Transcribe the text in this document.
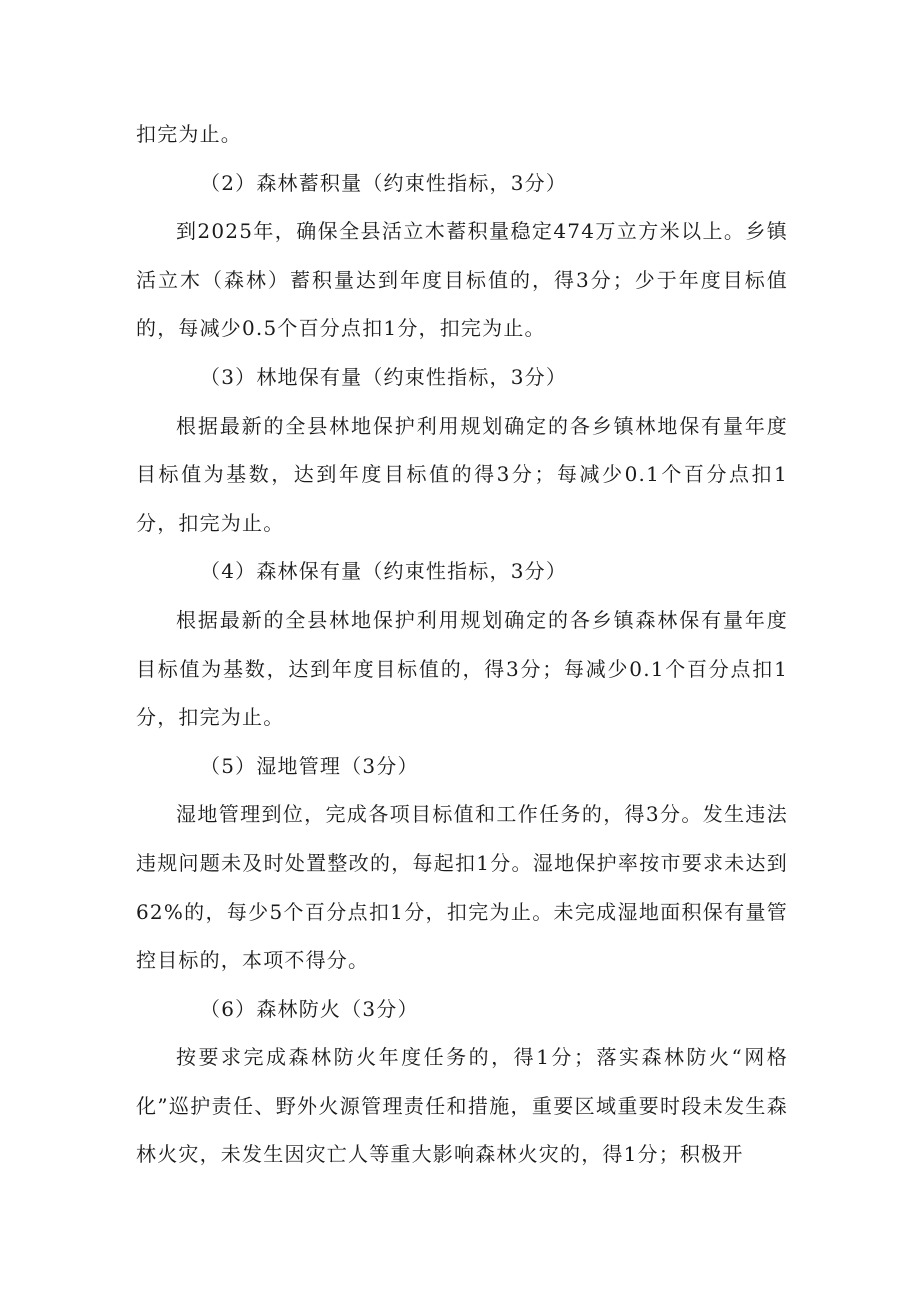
扣完为止。

（2）森林蓄积量（约束性指标，3分）

到2025年，确保全县活立木蓄积量稳定474万立方米以上。乡镇活立木（森林）蓄积量达到年度目标值的，得3分；少于年度目标值的，每减少0.5个百分点扣1分，扣完为止。

（3）林地保有量（约束性指标，3分）

根据最新的全县林地保护利用规划确定的各乡镇林地保有量年度目标值为基数，达到年度目标值的得3分；每减少0.1个百分点扣1分，扣完为止。

（4）森林保有量（约束性指标，3分）

根据最新的全县林地保护利用规划确定的各乡镇森林保有量年度目标值为基数，达到年度目标值的，得3分；每减少0.1个百分点扣1分，扣完为止。

（5）湿地管理（3分）

湿地管理到位，完成各项目标值和工作任务的，得3分。发生违法违规问题未及时处置整改的，每起扣1分。湿地保护率按市要求未达到62%的，每少5个百分点扣1分，扣完为止。未完成湿地面积保有量管控目标的，本项不得分。

（6）森林防火（3分）

按要求完成森林防火年度任务的，得1分；落实森林防火“网格化”巡护责任、野外火源管理责任和措施，重要区域重要时段未发生森林火灾，未发生因灾亡人等重大影响森林火灾的，得1分；积极开
